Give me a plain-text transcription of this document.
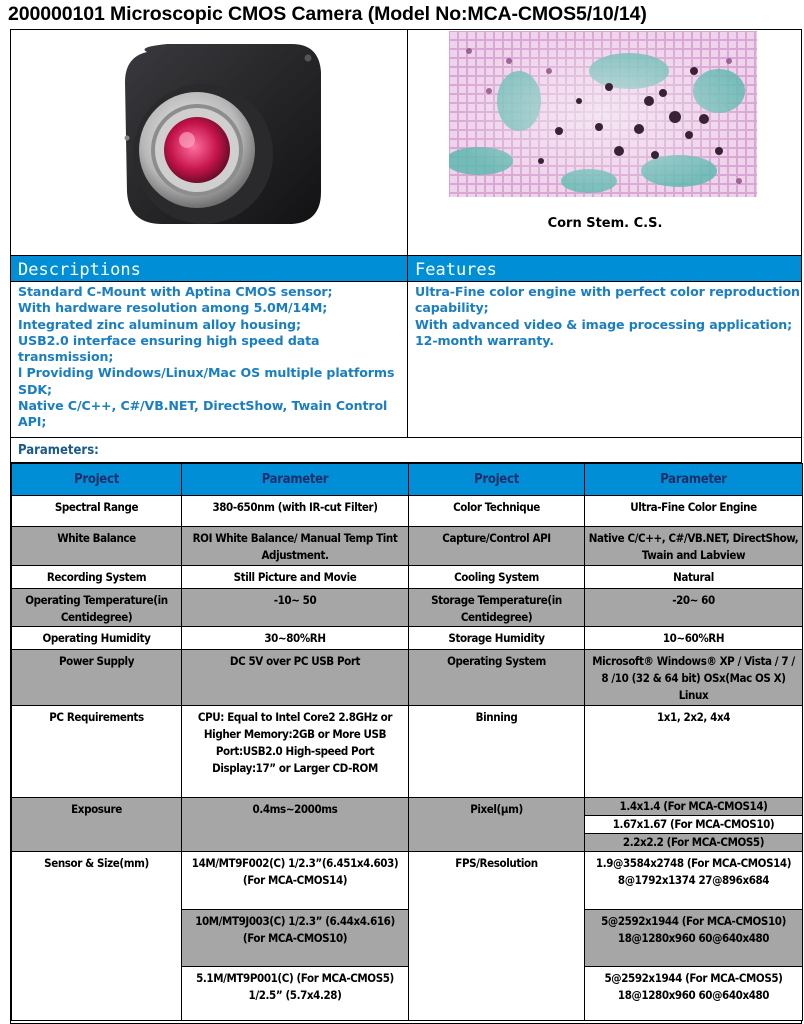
200000101 Microscopic CMOS Camera (Model No:MCA-CMOS5/10/14)
Corn Stem. C.S.
Descriptions	Features
Standard C-Mount with Aptina CMOS sensor;
With hardware resolution among 5.0M/14M;
Integrated zinc aluminum alloy housing;
USB2.0 interface ensuring high speed data transmission;
l Providing Windows/Linux/Mac OS multiple platforms SDK;
Native C/C++, C#/VB.NET, DirectShow, Twain Control API;
Ultra-Fine color engine with perfect color reproduction capability;
With advanced video & image processing application;
12-month warranty.
Parameters:
Project	Parameter	Project	Parameter
Spectral Range	380-650nm (with IR-cut Filter)	Color Technique	Ultra-Fine Color Engine
White Balance	ROI White Balance/ Manual Temp Tint Adjustment.	Capture/Control API	Native C/C++, C#/VB.NET, DirectShow, Twain and Labview
Recording System	Still Picture and Movie	Cooling System	Natural
Operating Temperature(in Centidegree)	-10~ 50	Storage Temperature(in Centidegree)	-20~ 60
Operating Humidity	30~80%RH	Storage Humidity	10~60%RH
Power Supply	DC 5V over PC USB Port	Operating System	Microsoft® Windows® XP / Vista / 7 / 8 /10 (32 & 64 bit) OSx(Mac OS X) Linux
PC Requirements	CPU: Equal to Intel Core2 2.8GHz or Higher Memory:2GB or More USB Port:USB2.0 High-speed Port Display:17” or Larger CD-ROM	Binning	1x1, 2x2, 4x4
Exposure	0.4ms~2000ms	Pixel(μm)	1.4x1.4 (For MCA-CMOS14)
			1.67x1.67 (For MCA-CMOS10)
			2.2x2.2 (For MCA-CMOS5)
Sensor & Size(mm)	14M/MT9F002(C) 1/2.3”(6.451x4.603) (For MCA-CMOS14)	FPS/Resolution	1.9@3584x2748 (For MCA-CMOS14) 8@1792x1374 27@896x684
	10M/MT9J003(C) 1/2.3” (6.44x4.616) (For MCA-CMOS10)		5@2592x1944 (For MCA-CMOS10) 18@1280x960 60@640x480
	5.1M/MT9P001(C) (For MCA-CMOS5) 1/2.5” (5.7x4.28)		5@2592x1944 (For MCA-CMOS5) 18@1280x960 60@640x480
